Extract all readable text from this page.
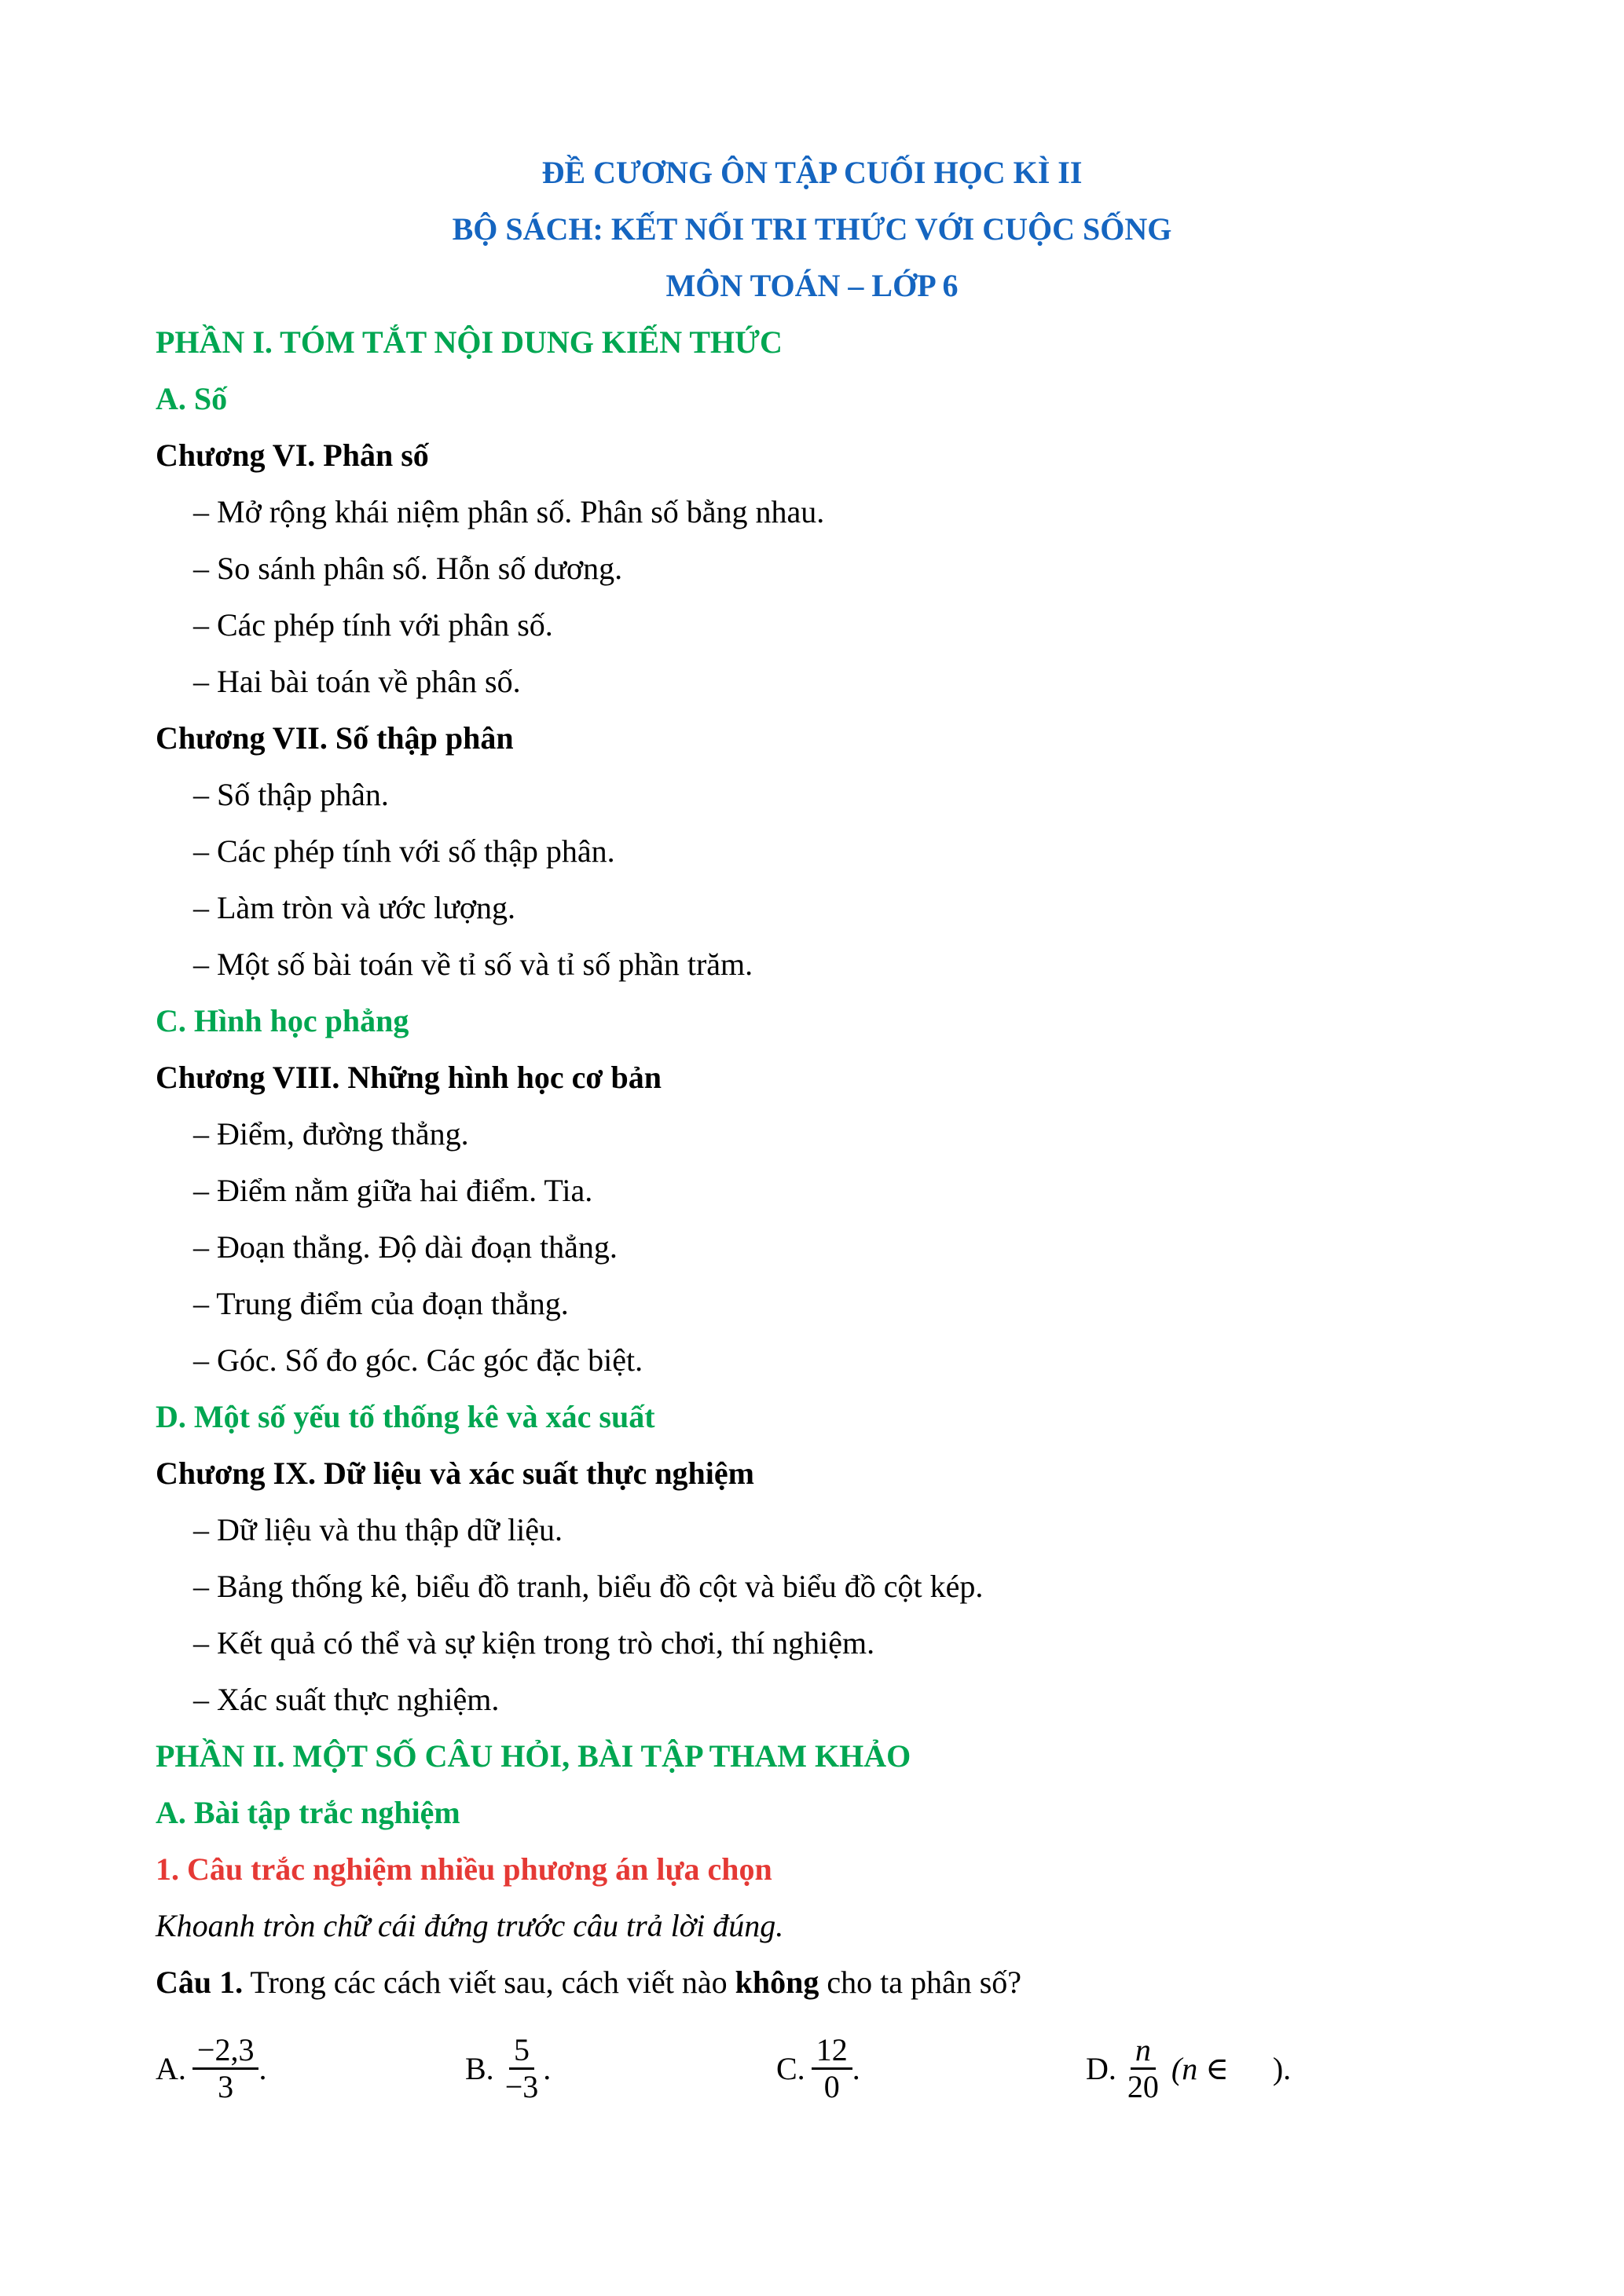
ĐỀ CƯƠNG ÔN TẬP CUỐI HỌC KÌ II
BỘ SÁCH: KẾT NỐI TRI THỨC VỚI CUỘC SỐNG
MÔN TOÁN – LỚP 6
PHẦN I. TÓM TẮT NỘI DUNG KIẾN THỨC
A. Số
Chương VI. Phân số
– Mở rộng khái niệm phân số. Phân số bằng nhau.
– So sánh phân số. Hỗn số dương.
– Các phép tính với phân số.
– Hai bài toán về phân số.
Chương VII. Số thập phân
– Số thập phân.
– Các phép tính với số thập phân.
– Làm tròn và ước lượng.
– Một số bài toán về tỉ số và tỉ số phần trăm.
C. Hình học phẳng
Chương VIII. Những hình học cơ bản
– Điểm, đường thẳng.
– Điểm nằm giữa hai điểm. Tia.
– Đoạn thẳng. Độ dài đoạn thẳng.
– Trung điểm của đoạn thẳng.
– Góc. Số đo góc. Các góc đặc biệt.
D. Một số yếu tố thống kê và xác suất
Chương IX. Dữ liệu và xác suất thực nghiệm
– Dữ liệu và thu thập dữ liệu.
– Bảng thống kê, biểu đồ tranh, biểu đồ cột và biểu đồ cột kép.
– Kết quả có thể và sự kiện trong trò chơi, thí nghiệm.
– Xác suất thực nghiệm.
PHẦN II. MỘT SỐ CÂU HỎI, BÀI TẬP THAM KHẢO
A. Bài tập trắc nghiệm
1. Câu trắc nghiệm nhiều phương án lựa chọn
Khoanh tròn chữ cái đứng trước câu trả lời đúng.
Câu 1. Trong các cách viết sau, cách viết nào không cho ta phân số?
A. $\frac{-2,3}{3}$ .	B. $\frac{5}{-3}$ .	C. $\frac{12}{0}$ .	D. $\frac{n}{20} (n$ ∈ ) .
